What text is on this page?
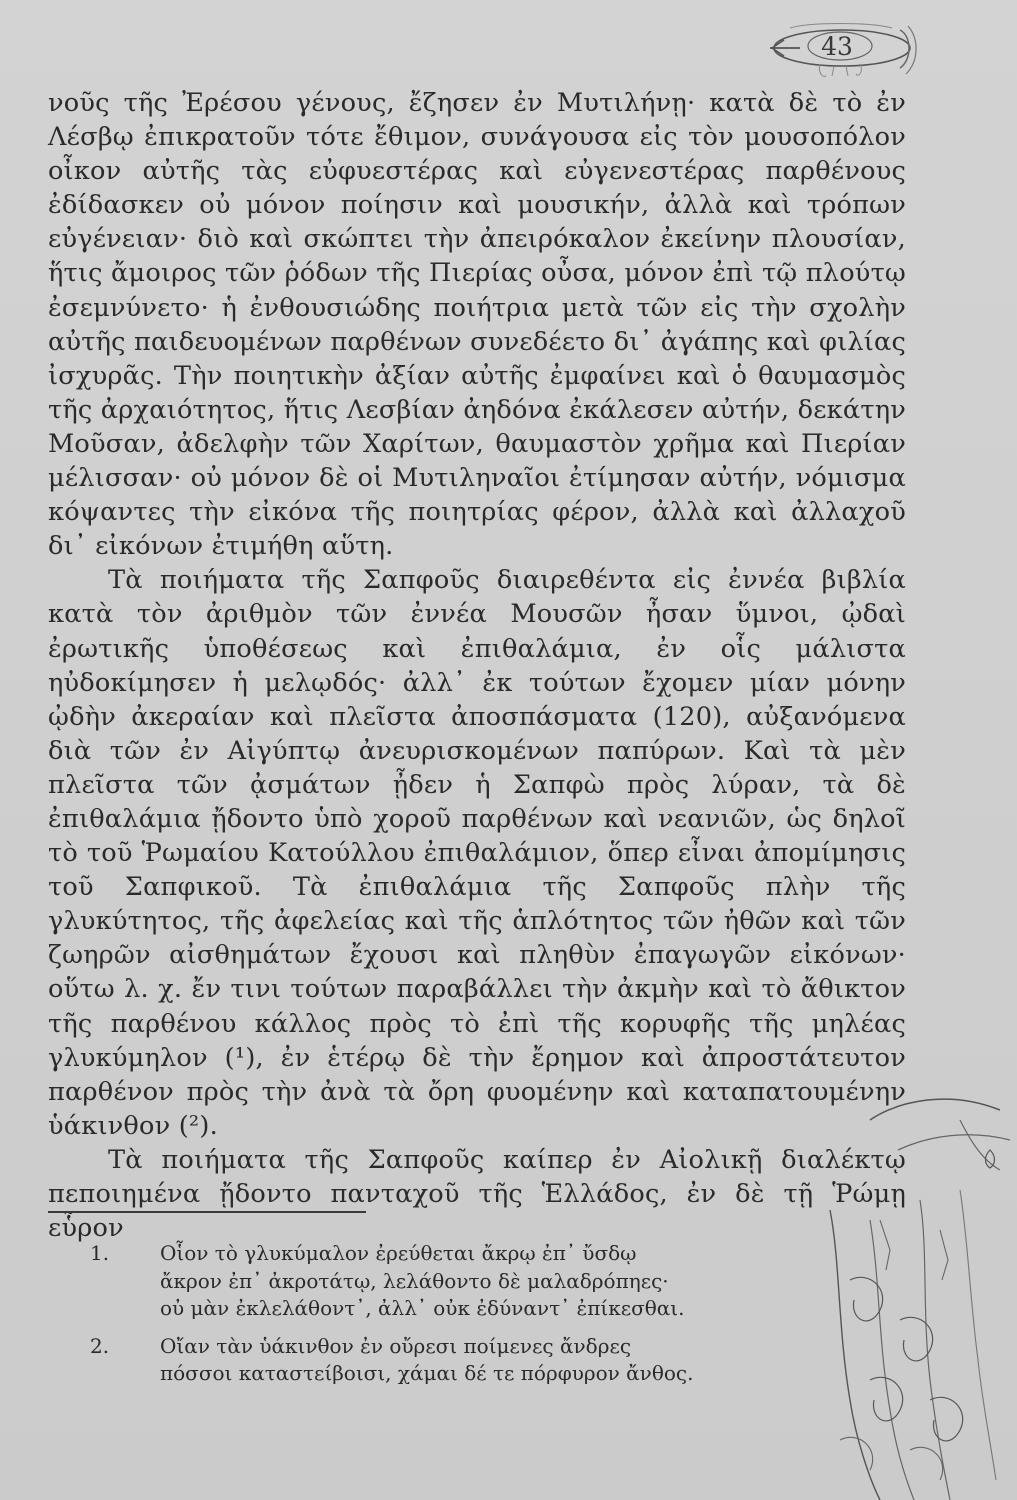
43

νοῦς τῆς Ἐρέσου γένους, ἔζησεν ἐν Μυτιλήνῃ· κατὰ δὲ τὸ ἐν Λέσβῳ ἐπικρατοῦν τότε ἔθιμον, συνάγουσα εἰς τὸν μουσοπόλον οἶκον αὐτῆς τὰς εὐφυεστέρας καὶ εὐγενεστέρας παρθένους ἐδίδασκεν οὐ μόνον ποίησιν καὶ μουσικήν, ἀλλὰ καὶ τρόπων εὐγένειαν· διὸ καὶ σκώπτει τὴν ἀπειρόκαλον ἐκείνην πλουσίαν, ἥτις ἄμοιρος τῶν ῥόδων τῆς Πιερίας οὖσα, μόνον ἐπὶ τῷ πλούτῳ ἐσεμνύνετο· ἡ ἐνθουσιώδης ποιήτρια μετὰ τῶν εἰς τὴν σχολὴν αὐτῆς παιδευομένων παρθένων συνεδέετο δι᾽ ἀγάπης καὶ φιλίας ἰσχυρᾶς. Τὴν ποιητικὴν ἀξίαν αὐτῆς ἐμφαίνει καὶ ὁ θαυμασμὸς τῆς ἀρχαιότητος, ἥτις Λεσβίαν ἀηδόνα ἐκάλεσεν αὐτήν, δεκάτην Μοῦσαν, ἀδελφὴν τῶν Χαρίτων, θαυμαστὸν χρῆμα καὶ Πιερίαν μέλισσαν· οὐ μόνον δὲ οἱ Μυτιληναῖοι ἐτίμησαν αὐτήν, νόμισμα κόψαντες τὴν εἰκόνα τῆς ποιητρίας φέρον, ἀλλὰ καὶ ἀλλαχοῦ δι᾽ εἰκόνων ἐτιμήθη αὕτη.

Τὰ ποιήματα τῆς Σαπφοῦς διαιρεθέντα εἰς ἐννέα βιβλία κατὰ τὸν ἀριθμὸν τῶν ἐννέα Μουσῶν ἦσαν ὕμνοι, ᾠδαὶ ἐρωτικῆς ὑποθέσεως καὶ ἐπιθαλάμια, ἐν οἷς μάλιστα ηὐδοκίμησεν ἡ μελῳδός· ἀλλ᾽ ἐκ τούτων ἔχομεν μίαν μόνην ᾠδὴν ἀκεραίαν καὶ πλεῖστα ἀποσπάσματα (120), αὐξανόμενα διὰ τῶν ἐν Αἰγύπτῳ ἀνευρισκομένων παπύρων. Καὶ τὰ μὲν πλεῖστα τῶν ᾀσμάτων ᾖδεν ἡ Σαπφὼ πρὸς λύραν, τὰ δὲ ἐπιθαλάμια ᾔδοντο ὑπὸ χοροῦ παρθένων καὶ νεανιῶν, ὡς δηλοῖ τὸ τοῦ Ῥωμαίου Κατούλλου ἐπιθαλάμιον, ὅπερ εἶναι ἀπομίμησις τοῦ Σαπφικοῦ. Τὰ ἐπιθαλάμια τῆς Σαπφοῦς πλὴν τῆς γλυκύτητος, τῆς ἀφελείας καὶ τῆς ἁπλότητος τῶν ἠθῶν καὶ τῶν ζωηρῶν αἰσθημάτων ἔχουσι καὶ πληθὺν ἐπαγωγῶν εἰκόνων· οὕτω λ. χ. ἔν τινι τούτων παραβάλλει τὴν ἀκμὴν καὶ τὸ ἄθικτον τῆς παρθένου κάλλος πρὸς τὸ ἐπὶ τῆς κορυφῆς τῆς μηλέας γλυκύμηλον (¹), ἐν ἑτέρῳ δὲ τὴν ἔρημον καὶ ἀπροστάτευτον παρθένον πρὸς τὴν ἀνὰ τὰ ὄρη φυομένην καὶ καταπατουμένην ὑάκινθον (²).

Τὰ ποιήματα τῆς Σαπφοῦς καίπερ ἐν Αἰολικῇ διαλέκτῳ πεποιημένα ᾔδοντο πανταχοῦ τῆς Ἑλλάδος, ἐν δὲ τῇ Ῥώμῃ εὗρον

1.	Οἷον τὸ γλυκύμαλον ἐρεύθεται ἄκρῳ ἐπ᾽ ὔσδῳ
ἄκρον ἐπ᾽ ἀκροτάτῳ, λελάθοντο δὲ μαλαδρόπηες·
οὐ μὰν ἐκλελάθοντ᾽, ἀλλ᾽ οὐκ ἐδύναντ᾽ ἐπίκεσθαι.
2.	Οἴαν τὰν ὑάκινθον ἐν οὔρεσι ποίμενες ἄνδρες
πόσσοι καταστείβοισι, χάμαι δέ τε πόρφυρον ἄνθος.
